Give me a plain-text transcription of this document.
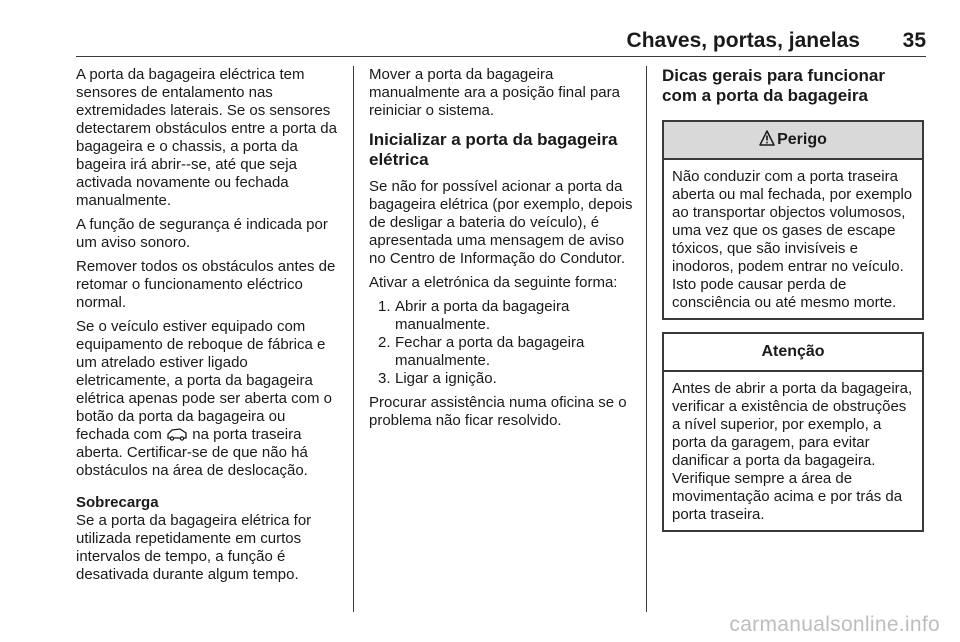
Chaves, portas, janelas	35

A porta da bagageira eléctrica tem sensores de entalamento nas extremidades laterais. Se os sensores detectarem obstáculos entre a porta da bagageira e o chassis, a porta da bageira irá abrir--se, até que seja activada novamente ou fechada manualmente.

A função de segurança é indicada por um aviso sonoro.

Remover todos os obstáculos antes de retomar o funcionamento eléctrico normal.

Se o veículo estiver equipado com equipamento de reboque de fábrica e um atrelado estiver ligado eletricamente, a porta da bagageira elétrica apenas pode ser aberta com o botão da porta da bagageira ou fechada com na porta traseira aberta. Certificar-se de que não há obstáculos na área de deslocação.

Sobrecarga

Se a porta da bagageira elétrica for utilizada repetidamente em curtos intervalos de tempo, a função é desativada durante algum tempo.

Mover a porta da bagageira manualmente ara a posição final para reiniciar o sistema.

Inicializar a porta da bagageira elétrica

Se não for possível acionar a porta da bagageira elétrica (por exemplo, depois de desligar a bateria do veículo), é apresentada uma mensagem de aviso no Centro de Informação do Condutor.

Ativar a eletrónica da seguinte forma:

1. Abrir a porta da bagageira manualmente.
2. Fechar a porta da bagageira manualmente.
3. Ligar a ignição.

Procurar assistência numa oficina se o problema não ficar resolvido.

Dicas gerais para funcionar com a porta da bagageira
Perigo
Não conduzir com a porta traseira aberta ou mal fechada, por exemplo ao transportar objectos volumosos, uma vez que os gases de escape tóxicos, que são invisíveis e inodoros, podem entrar no veículo. Isto pode causar perda de consciência ou até mesmo morte.
Atenção
Antes de abrir a porta da bagageira, verificar a existência de obstruções a nível superior, por exemplo, a porta da garagem, para evitar danificar a porta da bagageira. Verifique sempre a área de movimentação acima e por trás da porta traseira.
carmanualsonline.info
